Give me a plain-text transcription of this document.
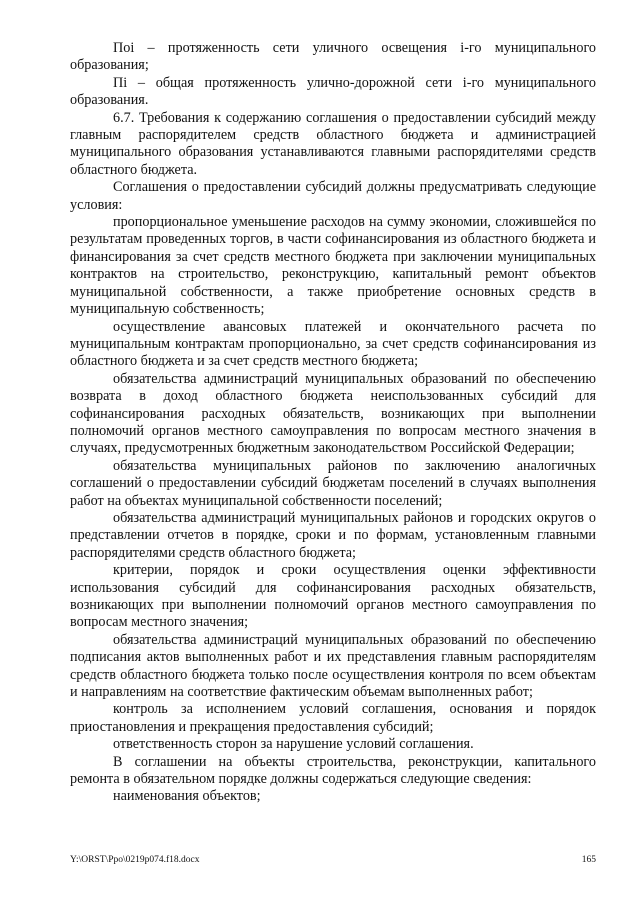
Поi – протяженность сети уличного освещения i-го муниципального образования;

Пi – общая протяженность улично-дорожной сети i-го муниципального образования.

6.7. Требования к содержанию соглашения о предоставлении субсидий между главным распорядителем средств областного бюджета и администрацией муниципального образования устанавливаются главными распорядителями средств областного бюджета.

Соглашения о предоставлении субсидий должны предусматривать следующие условия:

пропорциональное уменьшение расходов на сумму экономии, сложившейся по результатам проведенных торгов, в части софинансирования из областного бюджета и финансирования за счет средств местного бюджета при заключении муниципальных контрактов на строительство, реконструкцию, капитальный ремонт объектов муниципальной собственности, а также приобретение основных средств в муниципальную собственность;

осуществление авансовых платежей и окончательного расчета по муниципальным контрактам пропорционально, за счет средств софинансирования из областного бюджета и за счет средств местного бюджета;

обязательства администраций муниципальных образований по обеспечению возврата в доход областного бюджета неиспользованных субсидий для софинансирования расходных обязательств, возникающих при выполнении полномочий органов местного самоуправления по вопросам местного значения в случаях, предусмотренных бюджетным законодательством Российской Федерации;

обязательства муниципальных районов по заключению аналогичных соглашений о предоставлении субсидий бюджетам поселений в случаях выполнения работ на объектах муниципальной собственности поселений;

обязательства администраций муниципальных районов и городских округов о представлении отчетов в порядке, сроки и по формам, установленным главными распорядителями средств областного бюджета;

критерии, порядок и сроки осуществления оценки эффективности использования субсидий для софинансирования расходных обязательств, возникающих при выполнении полномочий органов местного самоуправления по вопросам местного значения;

обязательства администраций муниципальных образований по обеспечению подписания актов выполненных работ и их представления главным распорядителям средств областного бюджета только после осуществления контроля по всем объектам и направлениям на соответствие фактическим объемам выполненных работ;

контроль за исполнением условий соглашения, основания и порядок приостановления и прекращения предоставления субсидий;

ответственность сторон за нарушение условий соглашения.

В соглашении на объекты строительства, реконструкции, капитального ремонта в обязательном порядке должны содержаться следующие сведения:

наименования объектов;

Y:\ORST\Ppo\0219p074.f18.docx	165
